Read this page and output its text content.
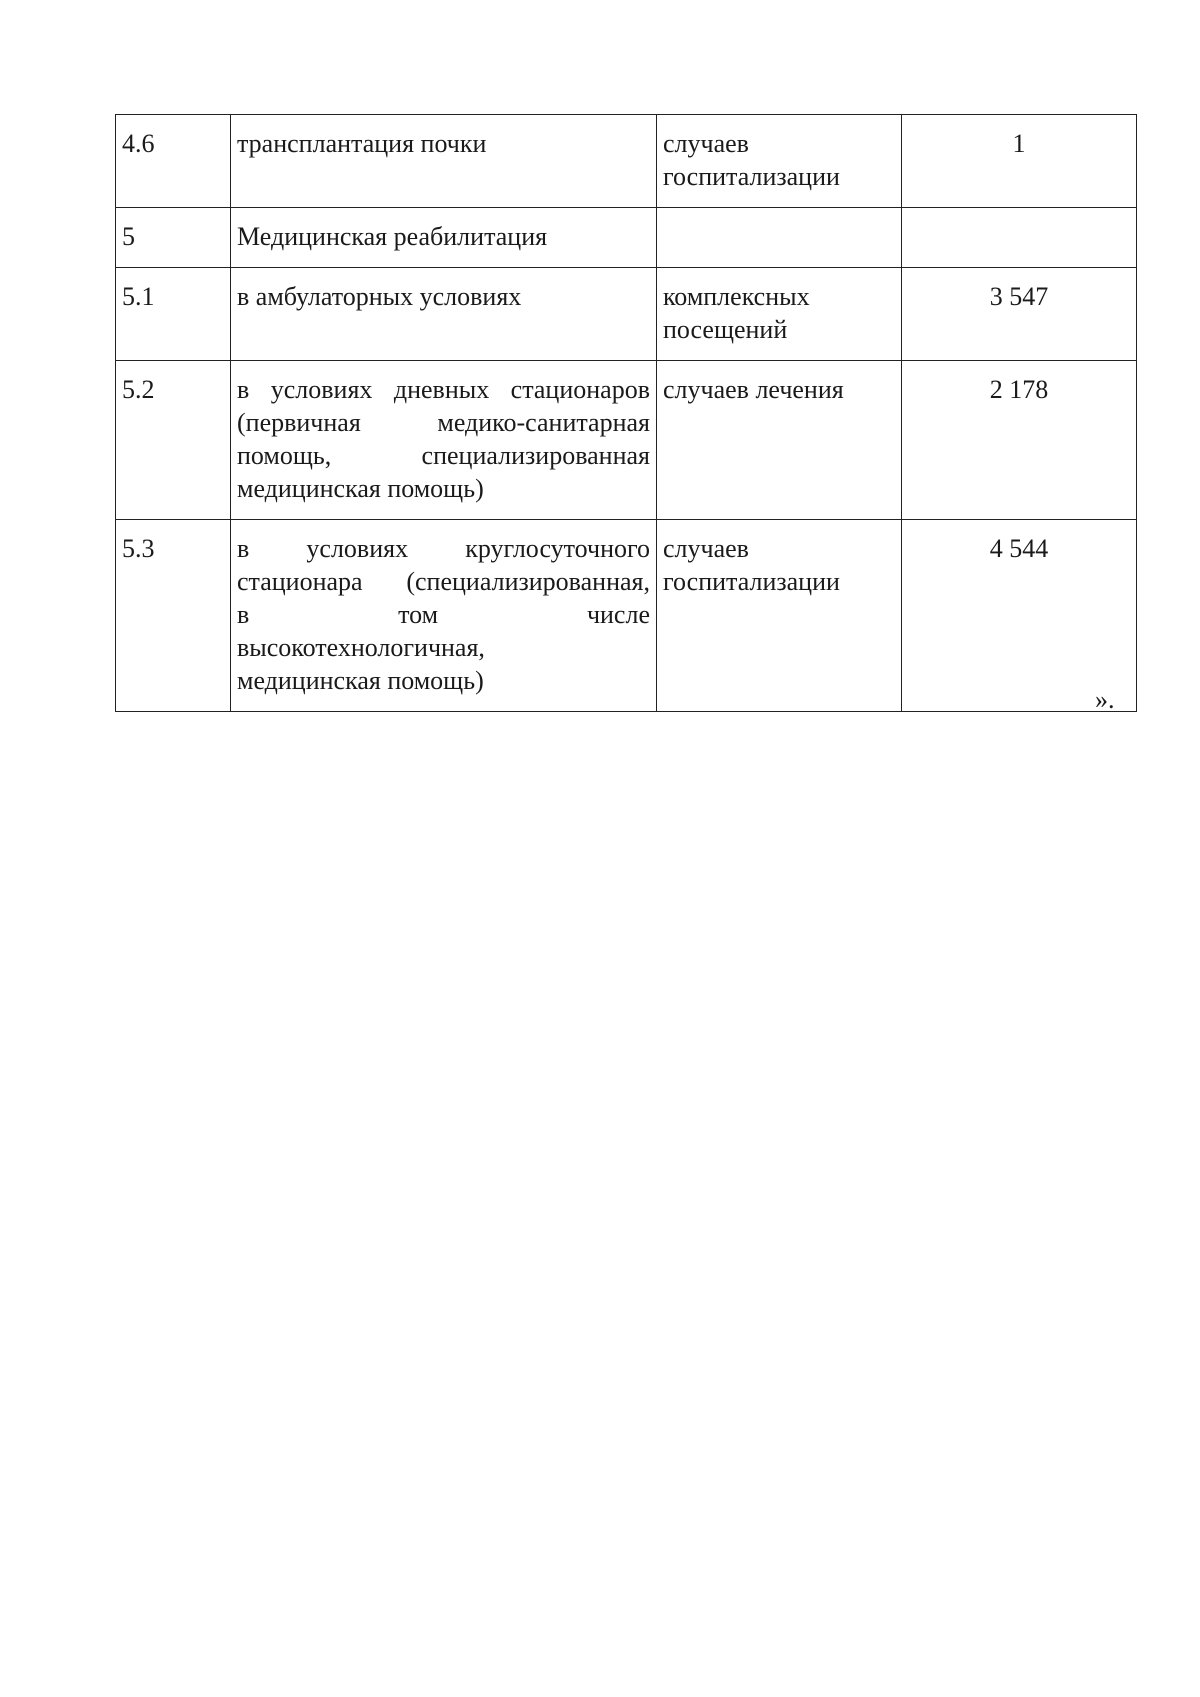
4.6	трансплантация почки	случаев
госпитализации	1
5	Медицинская реабилитация		

5.1	в амбулаторных условиях	комплексных
посещений	3 547
5.2	в условиях дневных стационаров
(первичная медико-санитарная
помощь, специализированная
медицинская помощь)	случаев лечения	2 178
5.3	в условиях круглосуточного
стационара (специализированная,
в том числе
высокотехнологичная,
медицинская помощь)	случаев
госпитализации	4 544
».
